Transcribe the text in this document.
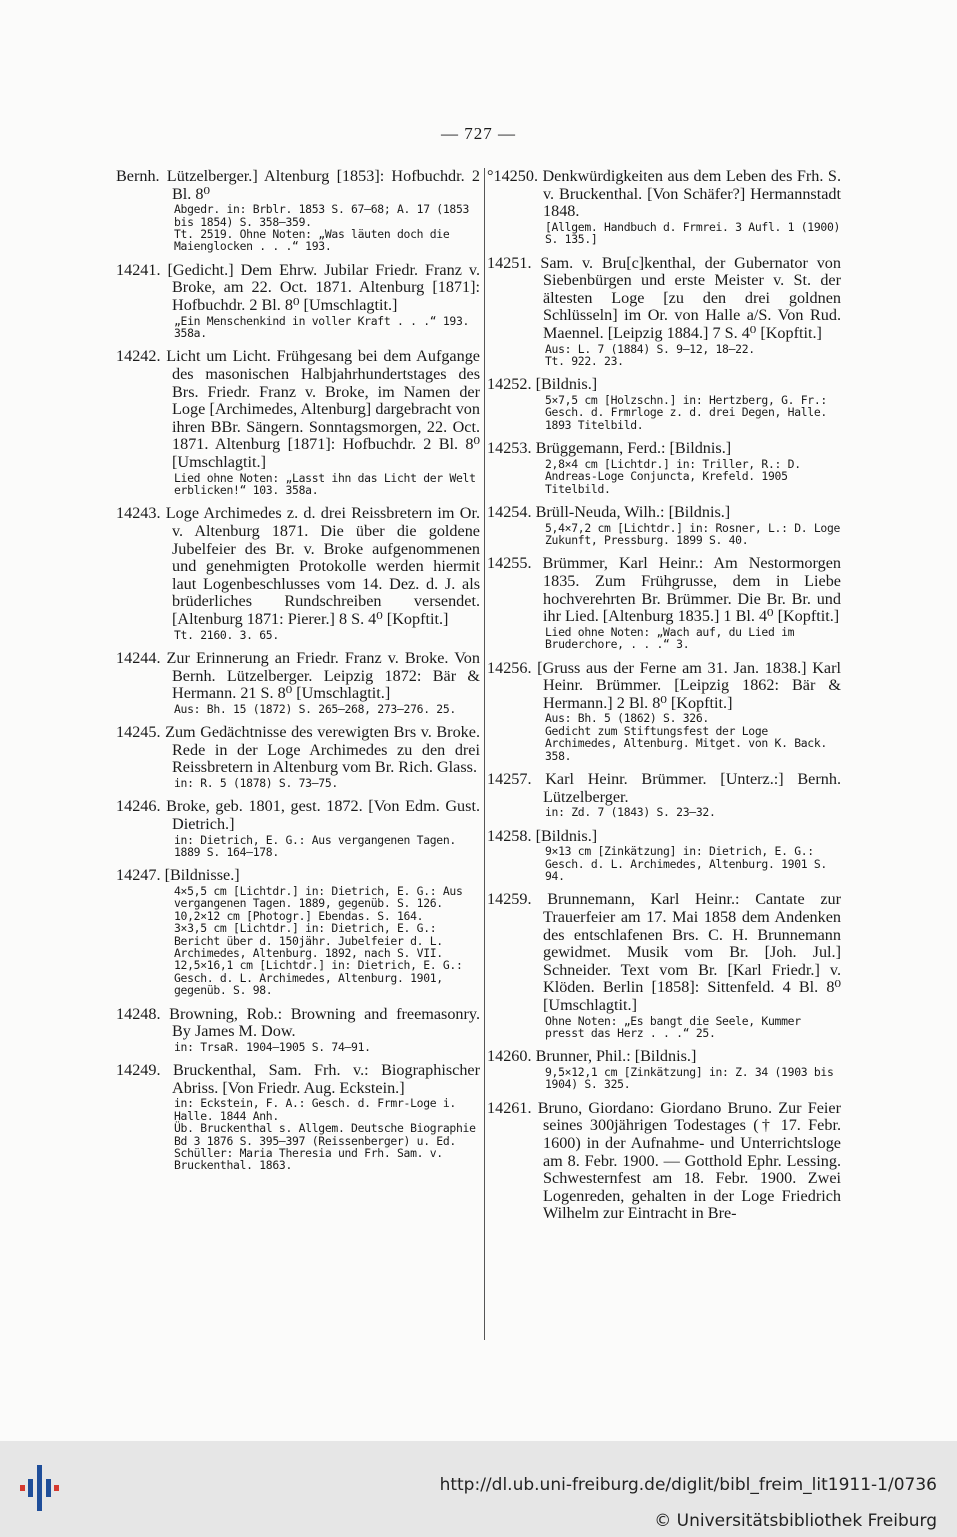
— 727 —
Bernh. Lützelberger.] Altenburg [1853]: Hofbuchdr. 2 Bl. 8⁰
Abgedr. in: Brblr. 1853 S. 67—68; A. 17 (1853 bis 1854) S. 358—359.
Tt. 2519. Ohne Noten: „Was läuten doch die Maienglocken . . .“ 193.
14241. [Gedicht.] Dem Ehrw. Jubilar Friedr. Franz v. Broke, am 22. Oct. 1871. Altenburg [1871]: Hofbuchdr. 2 Bl. 8⁰ [Umschlagtit.]
„Ein Menschenkind in voller Kraft . . .“ 193. 358a.
14242. Licht um Licht. Frühgesang bei dem Aufgange des masonischen Halbjahrhundertstages des Brs. Friedr. Franz v. Broke, im Namen der Loge [Archimedes, Altenburg] dargebracht von ihren BBr. Sängern. Sonntagsmorgen, 22. Oct. 1871. Altenburg [1871]: Hofbuchdr. 2 Bl. 8⁰ [Umschlagtit.]
Lied ohne Noten: „Lasst ihn das Licht der Welt erblicken!“ 103. 358a.
14243. Loge Archimedes z. d. drei Reissbretern im Or. v. Altenburg 1871. Die über die goldene Jubelfeier des Br. v. Broke aufgenommenen und genehmigten Protokolle werden hiermit laut Logenbeschlusses vom 14. Dez. d. J. als brüderliches Rundschreiben versendet. [Altenburg 1871: Pierer.] 8 S. 4⁰ [Kopftit.]
Tt. 2160. 3. 65.
14244. Zur Erinnerung an Friedr. Franz v. Broke. Von Bernh. Lützelberger. Leipzig 1872: Bär & Hermann. 21 S. 8⁰ [Umschlagtit.]
Aus: Bh. 15 (1872) S. 265—268, 273—276. 25.
14245. Zum Gedächtnisse des verewigten Brs v. Broke. Rede in der Loge Archimedes zu den drei Reissbretern in Altenburg vom Br. Rich. Glass.
in: R. 5 (1878) S. 73—75.
14246. Broke, geb. 1801, gest. 1872. [Von Edm. Gust. Dietrich.]
in: Dietrich, E. G.: Aus vergangenen Tagen. 1889 S. 164—178.
14247. [Bildnisse.]
4×5,5 cm [Lichtdr.] in: Dietrich, E. G.: Aus vergangenen Tagen. 1889, gegenüb. S. 126.
10,2×12 cm [Photogr.] Ebendas. S. 164.
3×3,5 cm [Lichtdr.] in: Dietrich, E. G.: Bericht über d. 150jähr. Jubelfeier d. L. Archimedes, Altenburg. 1892, nach S. VII.
12,5×16,1 cm [Lichtdr.] in: Dietrich, E. G.: Gesch. d. L. Archimedes, Altenburg. 1901, gegenüb. S. 98.
14248. Browning, Rob.: Browning and freemasonry. By James M. Dow.
in: TrsaR. 1904—1905 S. 74—91.
14249. Bruckenthal, Sam. Frh. v.: Biographischer Abriss. [Von Friedr. Aug. Eckstein.]
in: Eckstein, F. A.: Gesch. d. Frmr-Loge i. Halle. 1844 Anh.
Üb. Bruckenthal s. Allgem. Deutsche Biographie Bd 3 1876 S. 395—397 (Reissenberger) u. Ed. Schüller: Maria Theresia und Frh. Sam. v. Bruckenthal. 1863.
°14250. Denkwürdigkeiten aus dem Leben des Frh. S. v. Bruckenthal. [Von Schäfer?] Hermannstadt 1848.
[Allgem. Handbuch d. Frmrei. 3 Aufl. 1 (1900) S. 135.]
14251. Sam. v. Bru[c]kenthal, der Gubernator von Siebenbürgen und erste Meister v. St. der ältesten Loge [zu den drei goldnen Schlüsseln] im Or. von Halle a/S. Von Rud. Maennel. [Leipzig 1884.] 7 S. 4⁰ [Kopftit.]
Aus: L. 7 (1884) S. 9—12, 18—22.
Tt. 922. 23.
14252. [Bildnis.]
5×7,5 cm [Holzschn.] in: Hertzberg, G. Fr.: Gesch. d. Frmrloge z. d. drei Degen, Halle. 1893 Titelbild.
14253. Brüggemann, Ferd.: [Bildnis.]
2,8×4 cm [Lichtdr.] in: Triller, R.: D. Andreas-Loge Conjuncta, Krefeld. 1905 Titelbild.
14254. Brüll-Neuda, Wilh.: [Bildnis.]
5,4×7,2 cm [Lichtdr.] in: Rosner, L.: D. Loge Zukunft, Pressburg. 1899 S. 40.
14255. Brümmer, Karl Heinr.: Am Nestormorgen 1835. Zum Frühgrusse, dem in Liebe hochverehrten Br. Brümmer. Die Br. Br. und ihr Lied. [Altenburg 1835.] 1 Bl. 4⁰ [Kopftit.]
Lied ohne Noten: „Wach auf, du Lied im Bruderchore, . . .“ 3.
14256. [Gruss aus der Ferne am 31. Jan. 1838.] Karl Heinr. Brümmer. [Leipzig 1862: Bär & Hermann.] 2 Bl. 8⁰ [Kopftit.]
Aus: Bh. 5 (1862) S. 326.
Gedicht zum Stiftungsfest der Loge Archimedes, Altenburg. Mitget. von K. Back. 358.
14257. Karl Heinr. Brümmer. [Unterz.:] Bernh. Lützelberger.
in: Zd. 7 (1843) S. 23—32.
14258. [Bildnis.]
9×13 cm [Zinkätzung] in: Dietrich, E. G.: Gesch. d. L. Archimedes, Altenburg. 1901 S. 94.
14259. Brunnemann, Karl Heinr.: Cantate zur Trauerfeier am 17. Mai 1858 dem Andenken des entschlafenen Brs. C. H. Brunnemann gewidmet. Musik vom Br. [Joh. Jul.] Schneider. Text vom Br. [Karl Friedr.] v. Klöden. Berlin [1858]: Sittenfeld. 4 Bl. 8⁰ [Umschlagtit.]
Ohne Noten: „Es bangt die Seele, Kummer presst das Herz . . .“ 25.
14260. Brunner, Phil.: [Bildnis.]
9,5×12,1 cm [Zinkätzung] in: Z. 34 (1903 bis 1904) S. 325.
14261. Bruno, Giordano: Giordano Bruno. Zur Feier seines 300jährigen Todestages († 17. Febr. 1600) in der Aufnahme- und Unterrichtsloge am 8. Febr. 1900. — Gotthold Ephr. Lessing. Schwesternfest am 18. Febr. 1900. Zwei Logenreden, gehalten in der Loge Friedrich Wilhelm zur Eintracht in Bre-
http://dl.ub.uni-freiburg.de/diglit/bibl_freim_lit1911-1/0736
© Universitätsbibliothek Freiburg
